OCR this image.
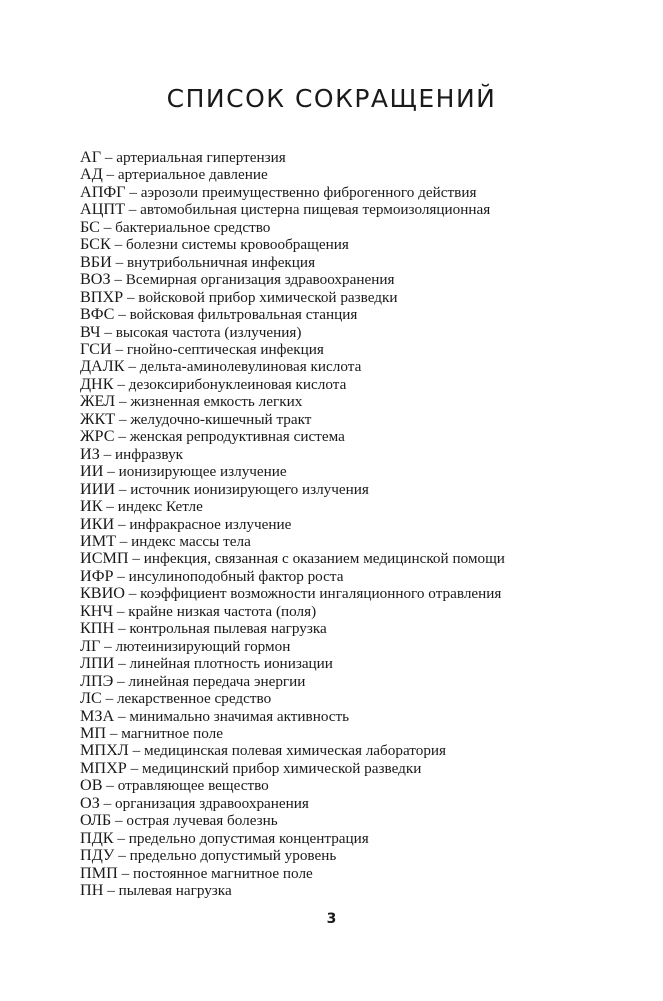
СПИСОК СОКРАЩЕНИЙ
АГ – артериальная гипертензия
АД – артериальное давление
АПФГ – аэрозоли преимущественно фиброгенного действия
АЦПТ – автомобильная цистерна пищевая термоизоляционная
БС – бактериальное средство
БСК – болезни системы кровообращения
ВБИ – внутрибольничная инфекция
ВОЗ – Всемирная организация здравоохранения
ВПХР – войсковой прибор химической разведки
ВФС – войсковая фильтровальная станция
ВЧ – высокая частота (излучения)
ГСИ – гнойно-септическая инфекция
ДАЛК – дельта-аминолевулиновая кислота
ДНК – дезоксирибонуклеиновая кислота
ЖЕЛ – жизненная емкость легких
ЖКТ – желудочно-кишечный тракт
ЖРС – женская репродуктивная система
ИЗ – инфразвук
ИИ – ионизирующее излучение
ИИИ – источник ионизирующего излучения
ИК – индекс Кетле
ИКИ – инфракрасное излучение
ИМТ – индекс массы тела
ИСМП – инфекция, связанная с оказанием медицинской помощи
ИФР – инсулиноподобный фактор роста
КВИО – коэффициент возможности ингаляционного отравления
КНЧ – крайне низкая частота (поля)
КПН – контрольная пылевая нагрузка
ЛГ – лютеинизирующий гормон
ЛПИ – линейная плотность ионизации
ЛПЭ – линейная передача энергии
ЛС – лекарственное средство
МЗА – минимально значимая активность
МП – магнитное поле
МПХЛ – медицинская полевая химическая лаборатория
МПХР – медицинский прибор химической разведки
ОВ – отравляющее вещество
ОЗ – организация здравоохранения
ОЛБ – острая лучевая болезнь
ПДК – предельно допустимая концентрация
ПДУ – предельно допустимый уровень
ПМП – постоянное магнитное поле
ПН – пылевая нагрузка
3
